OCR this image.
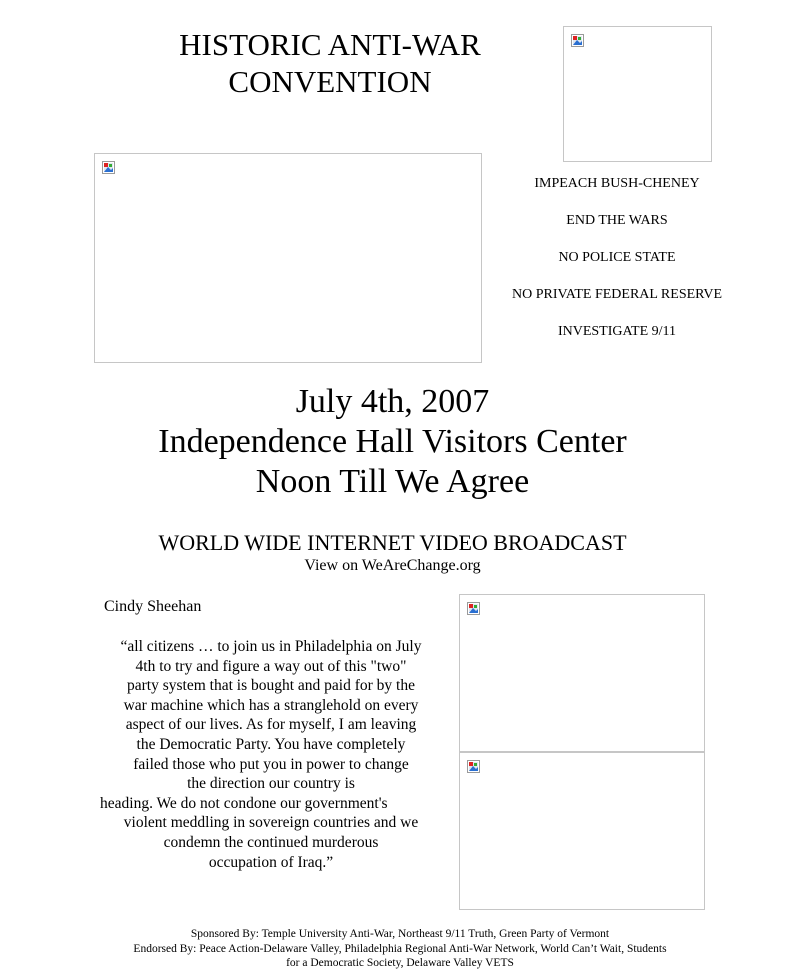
HISTORIC ANTI-WAR
CONVENTION
IMPEACH BUSH-CHENEY
END THE WARS
NO POLICE STATE
NO PRIVATE FEDERAL RESERVE
INVESTIGATE 9/11
July 4th, 2007
Independence Hall Visitors Center
Noon Till We Agree
WORLD WIDE INTERNET VIDEO BROADCAST
View on WeAreChange.org
Cindy Sheehan
“all citizens … to join us in Philadelphia on July
4th to try and figure a way out of this "two"
party system that is bought and paid for by the
war machine which has a stranglehold on every
aspect of our lives. As for myself, I am leaving
the Democratic Party. You have completely
failed those who put you in power to change
the direction our country is
heading. We do not condone our government's
violent meddling in sovereign countries and we
condemn the continued murderous
occupation of Iraq.”
Sponsored By: Temple University Anti-War, Northeast 9/11 Truth, Green Party of Vermont
Endorsed By: Peace Action-Delaware Valley, Philadelphia Regional Anti-War Network, World Can’t Wait, Students
for a Democratic Society, Delaware Valley VETS
